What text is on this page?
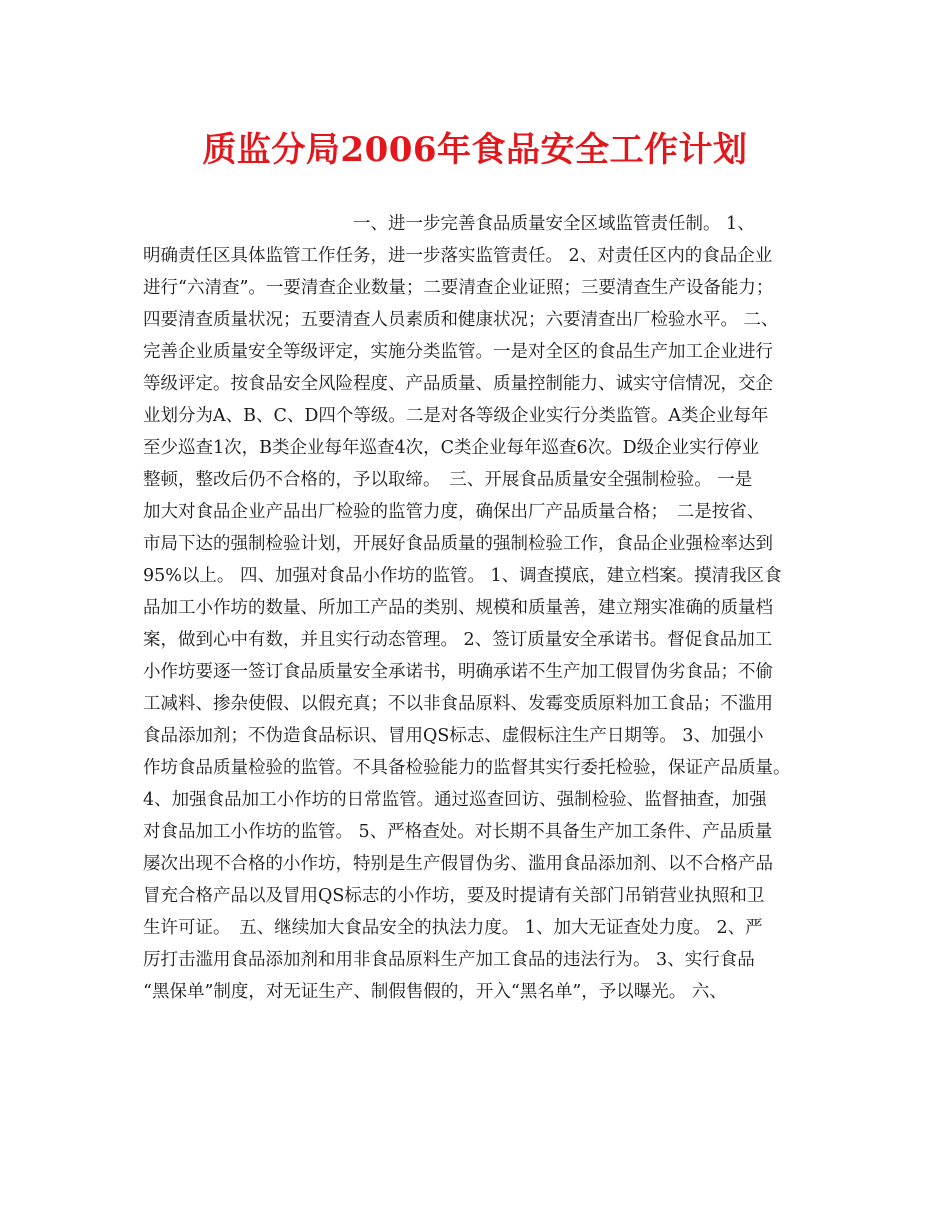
质监分局2006年食品安全工作计划
　　　　　　　　　　　　一、进一步完善食品质量安全区域监管责任制。 1、
明确责任区具体监管工作任务，进一步落实监管责任。 2、对责任区内的食品企业
进行“六清查”。一要清查企业数量；二要清查企业证照；三要清查生产设备能力；
四要清查质量状况；五要清查人员素质和健康状况；六要清查出厂检验水平。 二、
完善企业质量安全等级评定，实施分类监管。一是对全区的食品生产加工企业进行
等级评定。按食品安全风险程度、产品质量、质量控制能力、诚实守信情况，交企
业划分为A、B、C、D四个等级。二是对各等级企业实行分类监管。A类企业每年
至少巡查1次，B类企业每年巡查4次，C类企业每年巡查6次。D级企业实行停业
整顿，整改后仍不合格的，予以取缔。　三、开展食品质量安全强制检验。 一是
加大对食品企业产品出厂检验的监管力度，确保出厂产品质量合格；　二是按省、
市局下达的强制检验计划，开展好食品质量的强制检验工作，食品企业强检率达到
95%以上。 四、加强对食品小作坊的监管。 1、调查摸底，建立档案。摸清我区食
品加工小作坊的数量、所加工产品的类别、规模和质量善，建立翔实准确的质量档
案，做到心中有数，并且实行动态管理。 2、签订质量安全承诺书。督促食品加工
小作坊要逐一签订食品质量安全承诺书，明确承诺不生产加工假冒伪劣食品；不偷
工减料、掺杂使假、以假充真；不以非食品原料、发霉变质原料加工食品；不滥用
食品添加剂；不伪造食品标识、冒用QS标志、虚假标注生产日期等。 3、加强小
作坊食品质量检验的监管。不具备检验能力的监督其实行委托检验，保证产品质量。
4、加强食品加工小作坊的日常监管。通过巡查回访、强制检验、监督抽查，加强
对食品加工小作坊的监管。 5、严格查处。对长期不具备生产加工条件、产品质量
屡次出现不合格的小作坊，特别是生产假冒伪劣、滥用食品添加剂、以不合格产品
冒充合格产品以及冒用QS标志的小作坊，要及时提请有关部门吊销营业执照和卫
生许可证。　五、继续加大食品安全的执法力度。 1、加大无证查处力度。 2、严
厉打击滥用食品添加剂和用非食品原料生产加工食品的违法行为。 3、实行食品
“黑保单”制度，对无证生产、制假售假的，开入“黑名单”，予以曝光。 六、
